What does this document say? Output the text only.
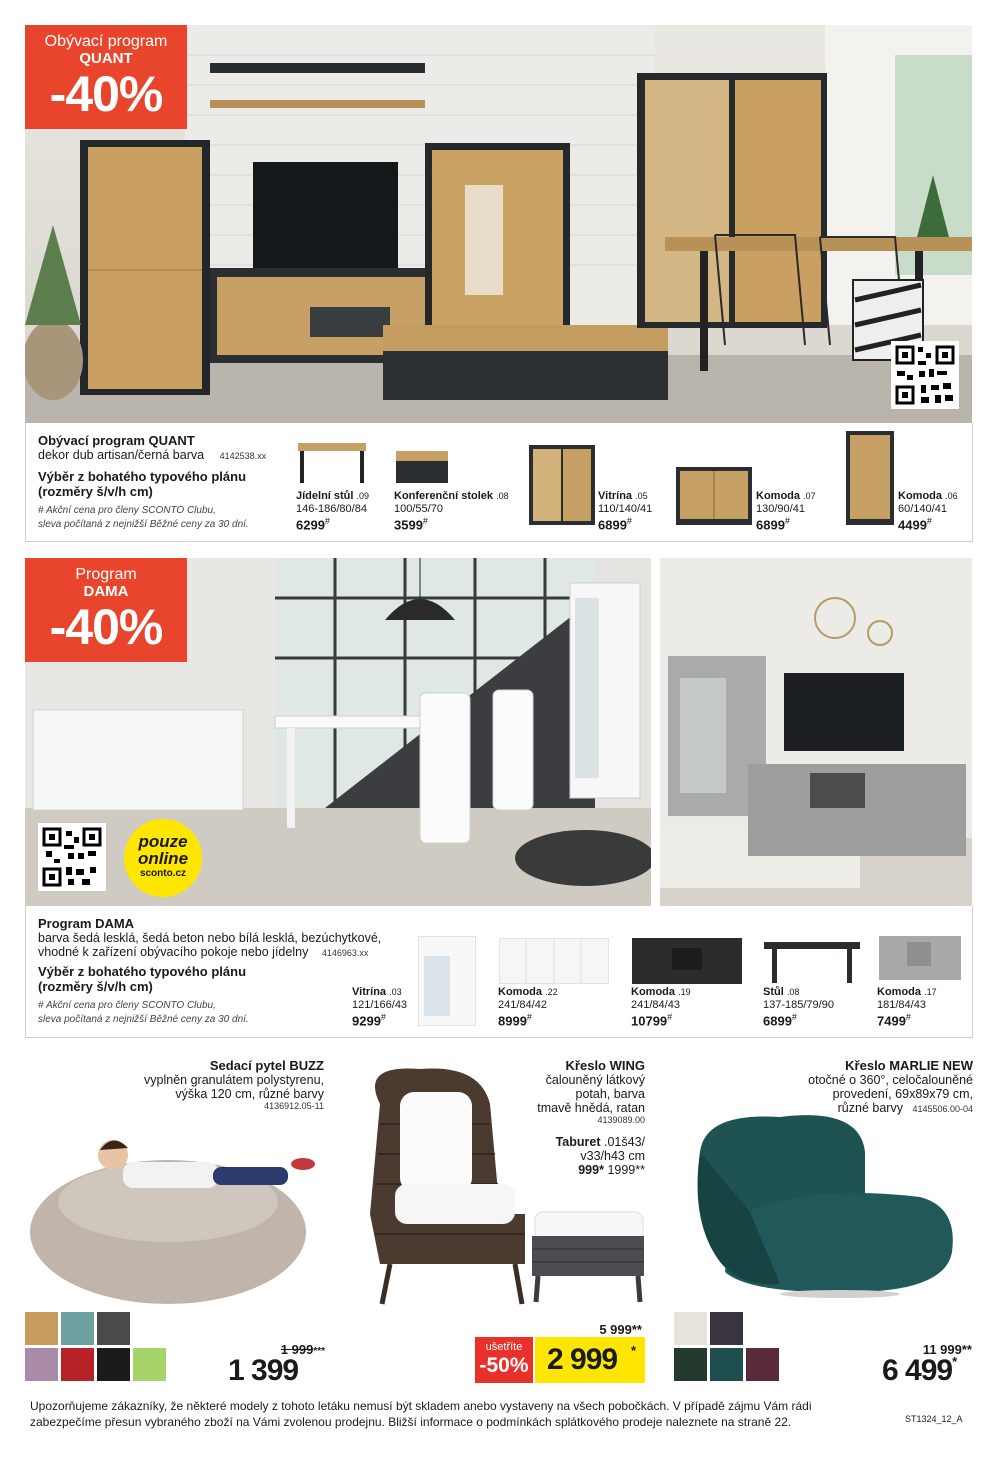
Obývací program
QUANT
-40%
Obývací program QUANT
dekor dub artisan/černá barva 4142538.xx
Výběr z bohatého typového plánu
(rozměry š/v/h cm)
# Akční cena pro členy SCONTO Clubu,
sleva počítaná z nejnižší Běžné ceny za 30 dní.
Program
DAMA
-40%
pouze
online
sconto.cz
Program DAMA
barva šedá lesklá, šedá beton nebo bílá lesklá, bezúchytkové,
vhodné k zařízení obývacího pokoje nebo jídelny 4146963.xx
Výběr z bohatého typového plánu
(rozměry š/v/h cm)
# Akční cena pro členy SCONTO Clubu,
sleva počítaná z nejnižší Běžné ceny za 30 dní.
Sedací pytel BUZZ
vyplněn granulátem polystyrenu,
výška 120 cm, různé barvy
4136912.05-11
Křeslo WING
čalouněný látkový
potah, barva
tmavě hnědá, ratan
4139089.00
Taburet .01š43/
v33/h43 cm
999* 1999**
Křeslo MARLIE NEW
otočné o 360°, celočalouněné
provedení, 69x89x79 cm,
různé barvy 4145506.00-04
1 999***
1 399
5 999**
ušetříte
-50% 2 999 *	11 999**
6 499*
Upozorňujeme zákazníky, že některé modely z tohoto letáku nemusí být skladem anebo vystaveny na všech pobočkách. V případě zájmu Vám rádi
zabezpečíme přesun vybraného zboží na Vámi zvolenou prodejnu. Bližší informace o podmínkách splátkového prodeje naleznete na straně 22.	ST1324_12_A
Jídelní stůl .09
146-186/80/84
6299#
Konferenční stolek .08
100/55/70
3599#
Vitrína .05
110/140/41
6899#
Komoda .07
130/90/41
6899#
Komoda .06
60/140/41
4499#
Vitrína .03
121/166/43
9299#
Komoda .22
241/84/42
8999#
Komoda .19
241/84/43
10799#
Stůl .08
137-185/79/90
6899#
Komoda .17
181/84/43
7499#
